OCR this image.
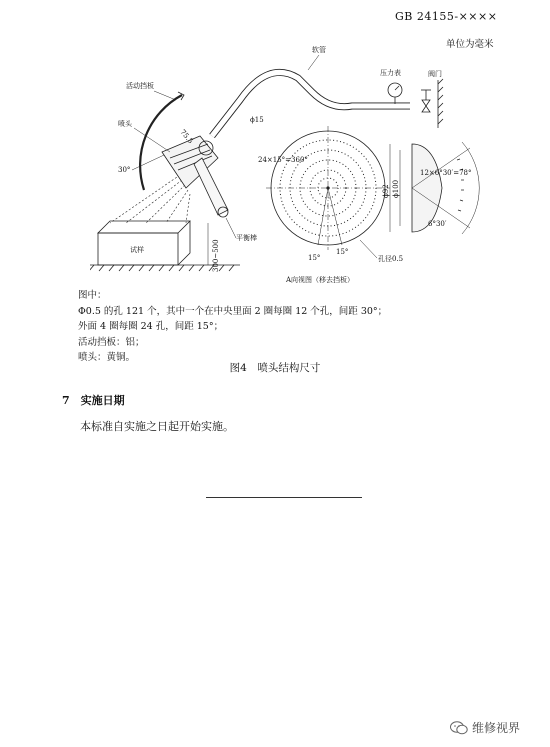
GB 24155-××××
单位为毫米
试样
软管
压力表	阀门
活动挡板
喷头
75.5
ϕ15
30°
平衡棒
300~500
24×15°=360°
15°
15°
孔径0.5
A向视图（移去挡板）
ϕ92 ϕ100
12×6°30′=78°
6°30′
图中：
Φ0.5 的孔 121 个，其中一个在中央里面 2 圈每圈 12 个孔，间距 30°；
外面 4 圈每圈 24 孔，间距 15°；
活动挡板：铝；
喷头：黄铜。
图4　喷头结构尺寸
7　实施日期
本标准自实施之日起开始实施。
维修视界
